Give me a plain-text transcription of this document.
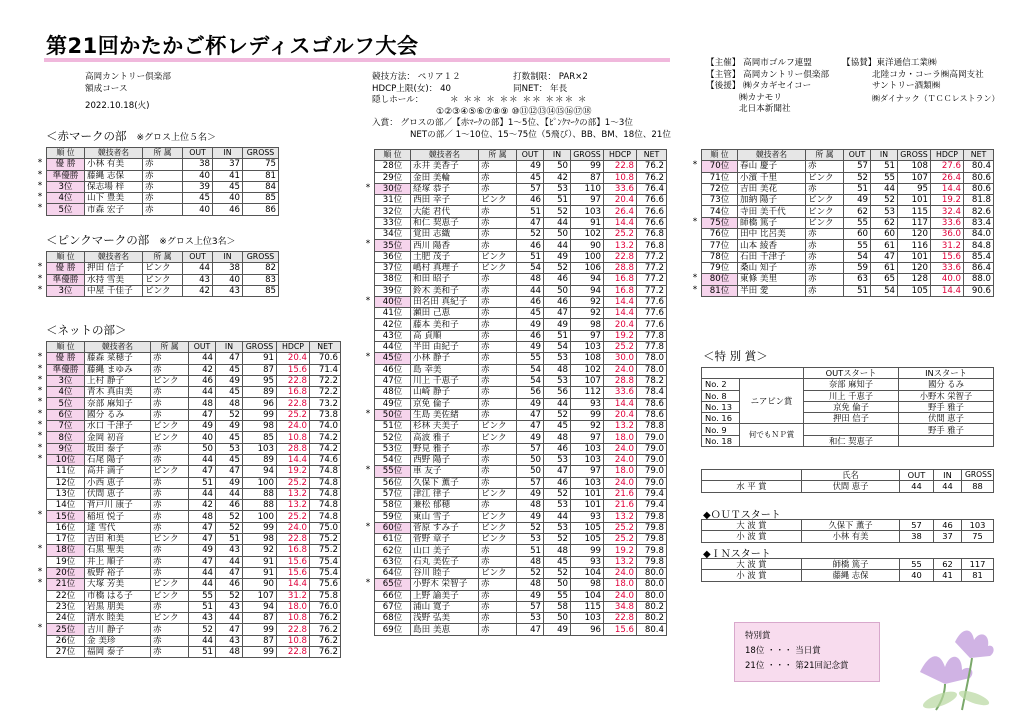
第21回かたかご杯レディスゴルフ大会
高岡カントリー倶楽部
額成コース
2022.10.18(火)
競技方法： ペリア１２
HDCP上限(女)： 40
隠しホール：

入賞： グロスの部／【赤ﾏｰｸの部】1～5位、【ﾋﾟﾝｸﾏｰｸの部】1～3位
NETの部／ 1～10位、15～75位（5飛び）、BB、BM、18位、21位
打数制限： PAR×2
同NET： 年長
＊ ＊＊ ＊ ＊＊ ＊＊ ＊＊＊ ＊
①②③④⑤⑥⑦⑧⑨ ⑩⑪⑫⑬⑭⑮⑯⑰⑱
【主催】 高岡市ゴルフ連盟
【主管】 高岡カントリー倶楽部
【後援】 ㈱タカギセイコー
㈱カナモリ
北日本新聞社
【協賛】東洋通信工業㈱
北陸コカ・コーラ㈱高岡支社
サントリー酒類㈱
㈱ダイナック（ＴＣＣレストラン）
＜赤マークの部 ※グロス上位５名＞
順 位	競技者名	所 属	OUT	IN	GROSS
優 勝	小林 有美	赤	38	37	75
準優勝	藤縄 志保	赤	40	41	81
3位	保志場 梓	赤	39	45	84
4位	山下 豊美	赤	45	40	85
5位	市森 宏子	赤	40	46	86
＜ピンクマークの部 ※グロス上位3名＞
順 位	競技者名	所 属	OUT	IN	GROSS
優 勝	押田 信子	ピンク	44	38	82
準優勝	水持 雪美	ピンク	43	40	83
3位	中屋 千佳子	ピンク	42	43	85
＜ネットの部＞
順 位	競技者名	所 属	OUT	IN	GROSS	HDCP	NET
優 勝	藤森 菜穂子	赤	44	47	91	20.4	70.6
準優勝	藤縄 まゆみ	赤	42	45	87	15.6	71.4
3位	上村 静子	ピンク	46	49	95	22.8	72.2
4位	青木 真由美	赤	44	45	89	16.8	72.2
5位	奈部 麻知子	赤	48	48	96	22.8	73.2
6位	國分 るみ	赤	47	52	99	25.2	73.8
7位	水口 千津子	ピンク	49	49	98	24.0	74.0
8位	金岡 初音	ピンク	40	45	85	10.8	74.2
9位	坂田 泰子	赤	50	53	103	28.8	74.2
10位	石尾 陽子	赤	44	45	89	14.4	74.6
11位	高井 満子	ピンク	47	47	94	19.2	74.8
12位	小西 恵子	赤	51	49	100	25.2	74.8
13位	伏間 恵子	赤	44	44	88	13.2	74.8
14位	背戸川 康子	赤	42	46	88	13.2	74.8
15位	稲垣 悦子	赤	48	52	100	25.2	74.8
16位	達 雪代	赤	47	52	99	24.0	75.0
17位	吉田 和美	ピンク	47	51	98	22.8	75.2
18位	石黒 聖美	赤	49	43	92	16.8	75.2
19位	井上 順子	赤	47	44	91	15.6	75.4
20位	板野 裕子	赤	44	47	91	15.6	75.4
21位	大塚 芳美	ピンク	44	46	90	14.4	75.6
22位	市橋 はる子	ピンク	55	52	107	31.2	75.8
23位	岩黒 朋美	赤	51	43	94	18.0	76.0
24位	清水 睦美	ピンク	43	44	87	10.8	76.2
25位	吉川 静子	赤	52	47	99	22.8	76.2
26位	金 美珍	赤	44	43	87	10.8	76.2
27位	福岡 泰子	赤	51	48	99	22.8	76.2
順 位	競技者名	所 属	OUT	IN	GROSS	HDCP	NET
28位	永井 美香子	赤	49	50	99	22.8	76.2
29位	金田 美輪	赤	45	42	87	10.8	76.2
30位	経塚 恭子	赤	57	53	110	33.6	76.4
31位	西田 幸子	ピンク	46	51	97	20.4	76.6
32位	大能 君代	赤	51	52	103	26.4	76.6
33位	和仁 契恵子	赤	47	44	91	14.4	76.6
34位	覚田 志織	赤	52	50	102	25.2	76.8
35位	西川 陽香	赤	46	44	90	13.2	76.8
36位	土肥 茂子	ピンク	51	49	100	22.8	77.2
37位	嶋村 真理子	ピンク	54	52	106	28.8	77.2
38位	和田 昭子	赤	48	46	94	16.8	77.2
39位	鈴木 美和子	赤	44	50	94	16.8	77.2
40位	田名田 真紀子	赤	46	46	92	14.4	77.6
41位	瀬田 己恵	赤	45	47	92	14.4	77.6
42位	藤本 美和子	赤	49	49	98	20.4	77.6
43位	高 貞順	赤	46	51	97	19.2	77.8
44位	半田 由紀子	赤	49	54	103	25.2	77.8
45位	小林 静子	赤	55	53	108	30.0	78.0
46位	島 幸美	赤	54	48	102	24.0	78.0
47位	川上 千恵子	赤	54	53	107	28.8	78.2
48位	山崎 静子	赤	56	56	112	33.6	78.4
49位	京免 倫子	赤	49	44	93	14.4	78.6
50位	生島 美佐緒	赤	47	52	99	20.4	78.6
51位	杉林 夫美子	ピンク	47	45	92	13.2	78.8
52位	高波 雅子	ピンク	49	48	97	18.0	79.0
53位	野見 雅子	赤	57	46	103	24.0	79.0
54位	西野 陽子	赤	50	53	103	24.0	79.0
55位	車 友子	赤	50	47	97	18.0	79.0
56位	久保下 薫子	赤	57	46	103	24.0	79.0
57位	津江 律子	ピンク	49	52	101	21.6	79.4
58位	兼松 郁穂	赤	48	53	101	21.6	79.4
59位	東山 雪子	ピンク	49	44	93	13.2	79.8
60位	菅原 すみ子	ピンク	52	53	105	25.2	79.8
61位	菅野 章子	ピンク	53	52	105	25.2	79.8
62位	山口 美子	赤	51	48	99	19.2	79.8
63位	石丸 美佐子	赤	48	45	93	13.2	79.8
64位	谷川 睦子	ピンク	52	52	104	24.0	80.0
65位	小野木 栄智子	赤	48	50	98	18.0	80.0
66位	上野 諭美子	赤	49	55	104	24.0	80.0
67位	浦山 寛子	赤	57	58	115	34.8	80.2
68位	浅野 弘美	赤	53	50	103	22.8	80.2
69位	島田 美恵	赤	47	49	96	15.6	80.4
順 位	競技者名	所 属	OUT	IN	GROSS	HDCP	NET
70位	春山 慶子	赤	57	51	108	27.6	80.4
71位	小濱 千里	ピンク	52	55	107	26.4	80.6
72位	吉田 美花	赤	51	44	95	14.4	80.6
73位	加納 陽子	ピンク	49	52	101	19.2	81.8
74位	寺田 美千代	ピンク	62	53	115	32.4	82.6
75位	師橋 篤子	ピンク	55	62	117	33.6	83.4
76位	田中 比呂美	赤	60	60	120	36.0	84.0
77位	山本 綾香	赤	55	61	116	31.2	84.8
78位	石田 千津子	赤	54	47	101	15.6	85.4
79位	桑山 知子	赤	59	61	120	33.6	86.4
80位	東條 美里	赤	63	65	128	40.0	88.0
81位	半田 愛	赤	51	54	105	14.4	90.6
＜特 別 賞＞
		OUTスタート	INスタート
No. 2	ニアピン賞	奈部 麻知子	國分 るみ
No. 8		川上 千恵子	小野木 栄智子
No. 13		京免 倫子	野手 雅子
No. 16		押田 信子	伏間 恵子
No. 9	何でもＮＰ賞		野手 雅子
No. 18		和仁 契恵子	
	氏名	OUT	IN	GROSS
水 平 賞	伏間 恵子	44	44	88
◆ＯＵＴスタート
大 波 賞	久保下 薫子	57	46	103
小 波 賞	小林 有美	38	37	75
◆ＩＮスタート
大 波 賞	師橋 篤子	55	62	117
小 波 賞	藤縄 志保	40	41	81
特別賞
18位 ・・・ 当日賞
21位 ・・・ 第21回記念賞
*
*
*
*
*
*
*
*
*
*
*
*
*
*
*
*
*
*
*
*
*
*
*
*
*
*
*
*
*
*
*
*
*
*
*
